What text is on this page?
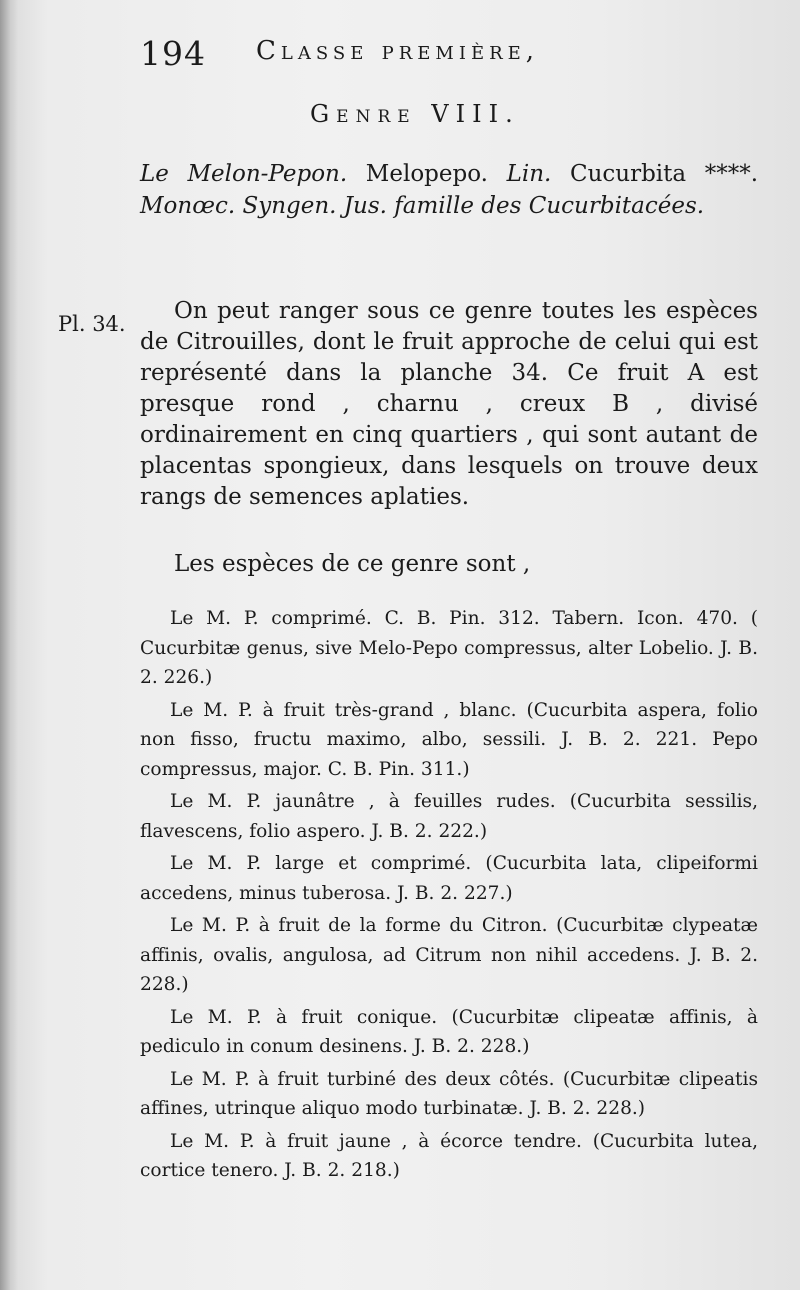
194 Classe première,
Genre VIII.
Le Melon-Pepon. Melopepo. Lin. Cucurbita ****. Monœc. Syngen. Jus. famille des Cucurbitacées.
Pl. 34.	On peut ranger sous ce genre toutes les espèces de Citrouilles, dont le fruit approche de celui qui est représenté dans la planche 34. Ce fruit A est presque rond , charnu , creux B , divisé ordinairement en cinq quartiers , qui sont autant de placentas spongieux, dans lesquels on trouve deux rangs de semences aplaties.

Les espèces de ce genre sont ,
Le M. P. comprimé. C. B. Pin. 312. Tabern. Icon. 470. ( Cucurbitæ genus, sive Melo-Pepo compressus, alter Lobelio. J. B. 2. 226.)
Le M. P. à fruit très-grand , blanc. (Cucurbita aspera, folio non fisso, fructu maximo, albo, sessili. J. B. 2. 221. Pepo compressus, major. C. B. Pin. 311.)
Le M. P. jaunâtre , à feuilles rudes. (Cucurbita sessilis, flavescens, folio aspero. J. B. 2. 222.)
Le M. P. large et comprimé. (Cucurbita lata, clipeiformi accedens, minus tuberosa. J. B. 2. 227.)
Le M. P. à fruit de la forme du Citron. (Cucurbitæ clypeatæ affinis, ovalis, angulosa, ad Citrum non nihil accedens. J. B. 2. 228.)
Le M. P. à fruit conique. (Cucurbitæ clipeatæ affinis, à pediculo in conum desinens. J. B. 2. 228.)
Le M. P. à fruit turbiné des deux côtés. (Cucurbitæ clipeatis affines, utrinque aliquo modo turbinatæ. J. B. 2. 228.)
Le M. P. à fruit jaune , à écorce tendre. (Cucurbita lutea, cortice tenero. J. B. 2. 218.)
